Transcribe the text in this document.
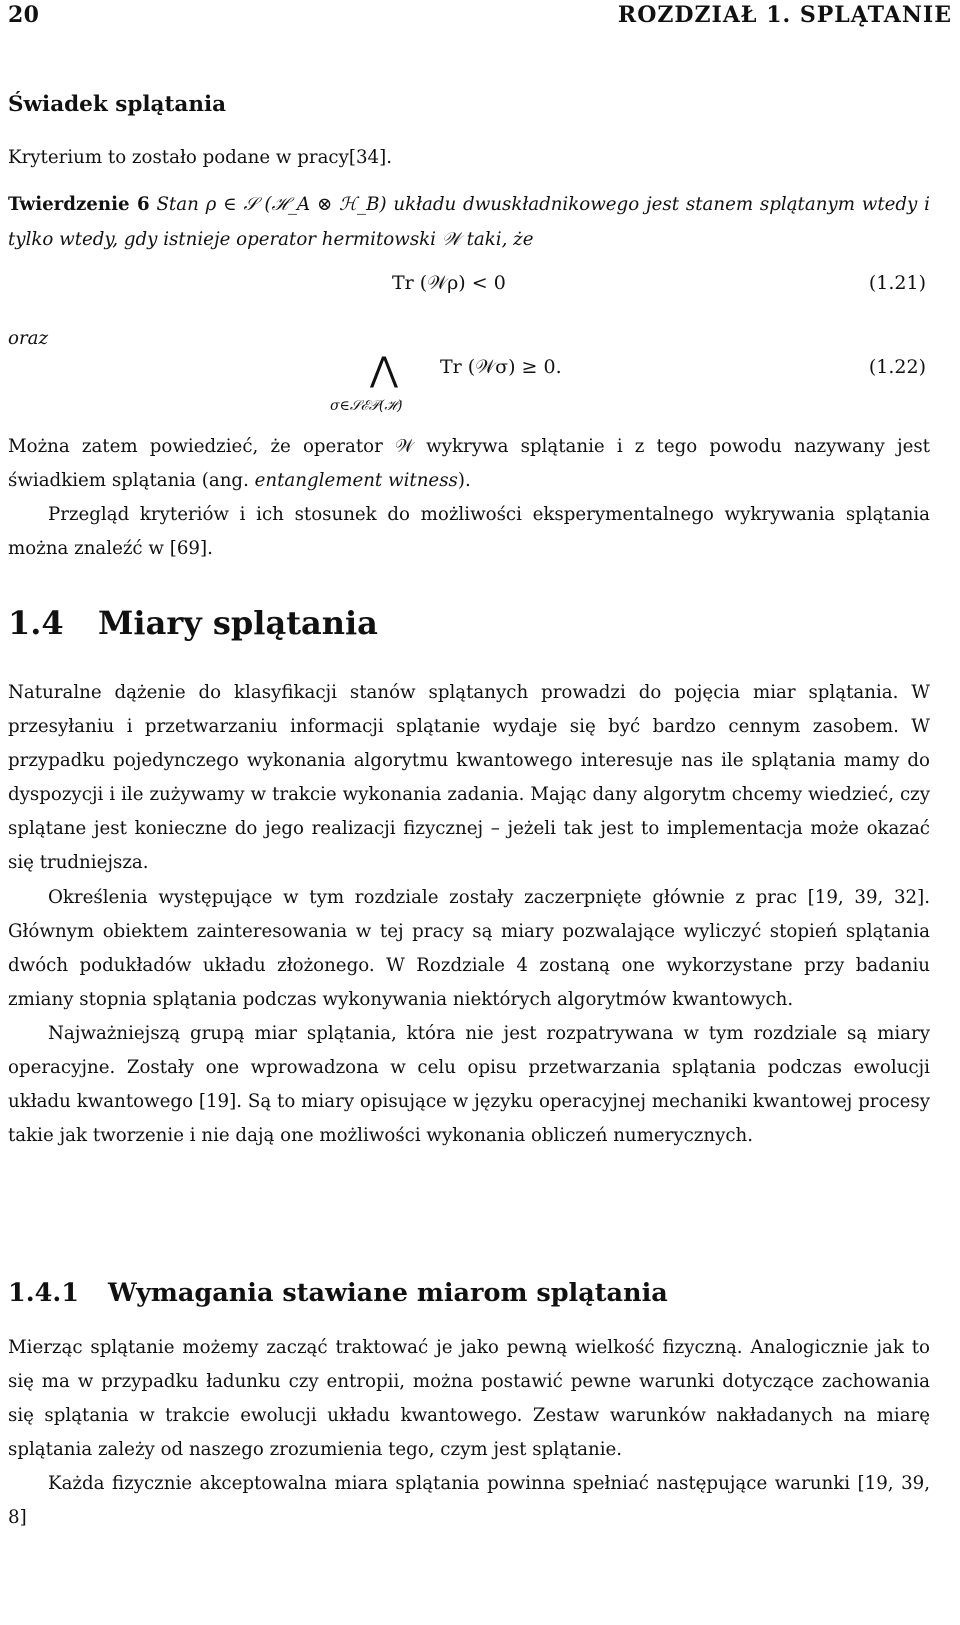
20	ROZDZIAŁ 1. SPLĄTANIE
Świadek splątania

Kryterium to zostało podane w pracy[34].

Twierdzenie 6 Stan ρ ∈ 𝒮 (ℋ_A ⊗ ℋ_B) układu dwuskładnikowego jest stanem splątanym wtedy i tylko wtedy, gdy istnieje operator hermitowski 𝒲 taki, że

Tr (𝒲ρ) < 0	(1.21)
oraz
⋀
σ∈𝒮ℰ𝒫(ℋ)
Tr (𝒲σ) ≥ 0.	(1.22)

Można zatem powiedzieć, że operator 𝒲 wykrywa splątanie i z tego powodu nazywany jest świadkiem splątania (ang. entanglement witness).

Przegląd kryteriów i ich stosunek do możliwości eksperymentalnego wykrywania splątania można znaleźć w [69].

1.4 Miary splątania

Naturalne dążenie do klasyfikacji stanów splątanych prowadzi do pojęcia miar splątania. W przesyłaniu i przetwarzaniu informacji splątanie wydaje się być bardzo cennym zasobem. W przypadku pojedynczego wykonania algorytmu kwantowego interesuje nas ile splątania mamy do dyspozycji i ile zużywamy w trakcie wykonania zadania. Mając dany algorytm chcemy wiedzieć, czy splątane jest konieczne do jego realizacji fizycznej – jeżeli tak jest to implementacja może okazać się trudniejsza.

Określenia występujące w tym rozdziale zostały zaczerpnięte głównie z prac [19, 39, 32]. Głównym obiektem zainteresowania w tej pracy są miary pozwalające wyliczyć stopień splątania dwóch podukładów układu złożonego. W Rozdziale 4 zostaną one wykorzystane przy badaniu zmiany stopnia splątania podczas wykonywania niektórych algorytmów kwantowych.

Najważniejszą grupą miar splątania, która nie jest rozpatrywana w tym rozdziale są miary operacyjne. Zostały one wprowadzona w celu opisu przetwarzania splątania podczas ewolucji układu kwantowego [19]. Są to miary opisujące w języku operacyjnej mechaniki kwantowej procesy takie jak tworzenie i nie dają one możliwości wykonania obliczeń numerycznych.

1.4.1 Wymagania stawiane miarom splątania

Mierząc splątanie możemy zacząć traktować je jako pewną wielkość fizyczną. Analogicznie jak to się ma w przypadku ładunku czy entropii, można postawić pewne warunki dotyczące zachowania się splątania w trakcie ewolucji układu kwantowego. Zestaw warunków nakładanych na miarę splątania zależy od naszego zrozumienia tego, czym jest splątanie.

Każda fizycznie akceptowalna miara splątania powinna spełniać następujące warunki [19, 39, 8]
